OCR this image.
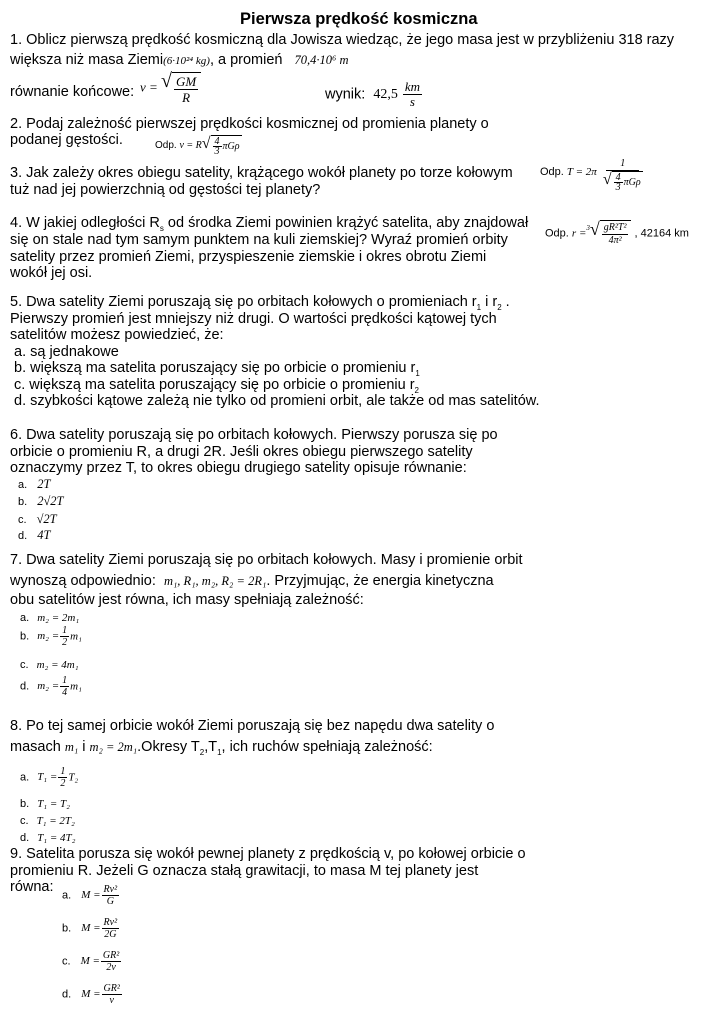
Pierwsza prędkość kosmiczna
1. Oblicz pierwszą prędkość kosmiczną dla Jowisza wiedząc, że jego masa jest w przybliżeniu 318 razy
większa niż masa Ziemi(6·10²⁴ kg), a promień 70,4·10⁶ m
równanie końcowe: v = √ $\frac{GM}{R}$	wynik: $42,5 \frac{km}{s}$
2. Podaj zależność pierwszej prędkości kosmicznej od promienia planety o
podanej gęstości.	Odp. v = R √ $\frac{4}{3}$ πGρ
3. Jak zależy okres obiegu satelity, krążącego wokół planety po torze kołowym
tuż nad jej powierzchnią od gęstości tej planety?
Odp. $T = 2\pi \frac{1}{√ \frac{4}{3} \pi G\rho}$
4. W jakiej odległości $R_s$ od środka Ziemi powinien krążyć satelita, aby znajdował
się on stale nad tym samym punktem na kuli ziemskiej? Wyraź promień orbity
satelity przez promień Ziemi, przyspieszenie ziemskie i okres obrotu Ziemi
wokół jej osi.
Odp. r =$^3$ √ $\frac{\text{gR²T²}}{\text{4π²}}$ , 42164 km
5. Dwa satelity Ziemi poruszają się po orbitach kołowych o promieniach $r_1$ i $r_2$ .
Pierwszy promień jest mniejszy niż drugi. O wartości prędkości kątowej tych
satelitów możesz powiedzieć, że:
a. są jednakowe
b. większą ma satelita poruszający się po orbicie o promieniu $r_1$
c. większą ma satelita poruszający się po orbicie o promieniu $r_2$
d. szybkości kątowe zależą nie tylko od promieni orbit, ale także od mas satelitów.
6. Dwa satelity poruszają się po orbitach kołowych. Pierwszy porusza się po
orbicie o promieniu R, a drugi 2R. Jeśli okres obiegu pierwszego satelity
oznaczymy przez T, to okres obiegu drugiego satelity opisuje równanie:
a. 2T
b. 2√2T
c. √2T
d. 4T
7. Dwa satelity Ziemi poruszają się po orbitach kołowych. Masy i promienie orbit
wynoszą odpowiednio: m₁, R₁, m₂, R₂ = 2R₁. Przyjmując, że energia kinetyczna
obu satelitów jest równa, ich masy spełniają zależność:
a. m₂ = 2m₁
b. $m_2 = \frac{1}{2} m_1$
c. m₂ = 4m₁
d. $m_2 = \frac{1}{4} m_1$
8. Po tej samej orbicie wokół Ziemi poruszają się bez napędu dwa satelity o
masach m₁ i m₂ = 2m₁.Okresy $T_2,T_1$, ich ruchów spełniają zależność:
a. $T_1 = \frac{1}{2} T_2$
b. T₁ = T₂
c. T₁ = 2T₂
d. T₁ = 4T₂
9. Satelita porusza się wokół pewnej planety z prędkością v, po kołowej orbicie o
promieniu R. Jeżeli G oznacza stałą grawitacji, to masa M tej planety jest
równa:
a. $M = \frac{\text{Rv²}}{G}$
b. $M = \frac{\text{Rv²}}{2G}$
c. $M = \frac{\text{GR²}}{2v}$
d. $M = \frac{\text{GR²}}{v}$
